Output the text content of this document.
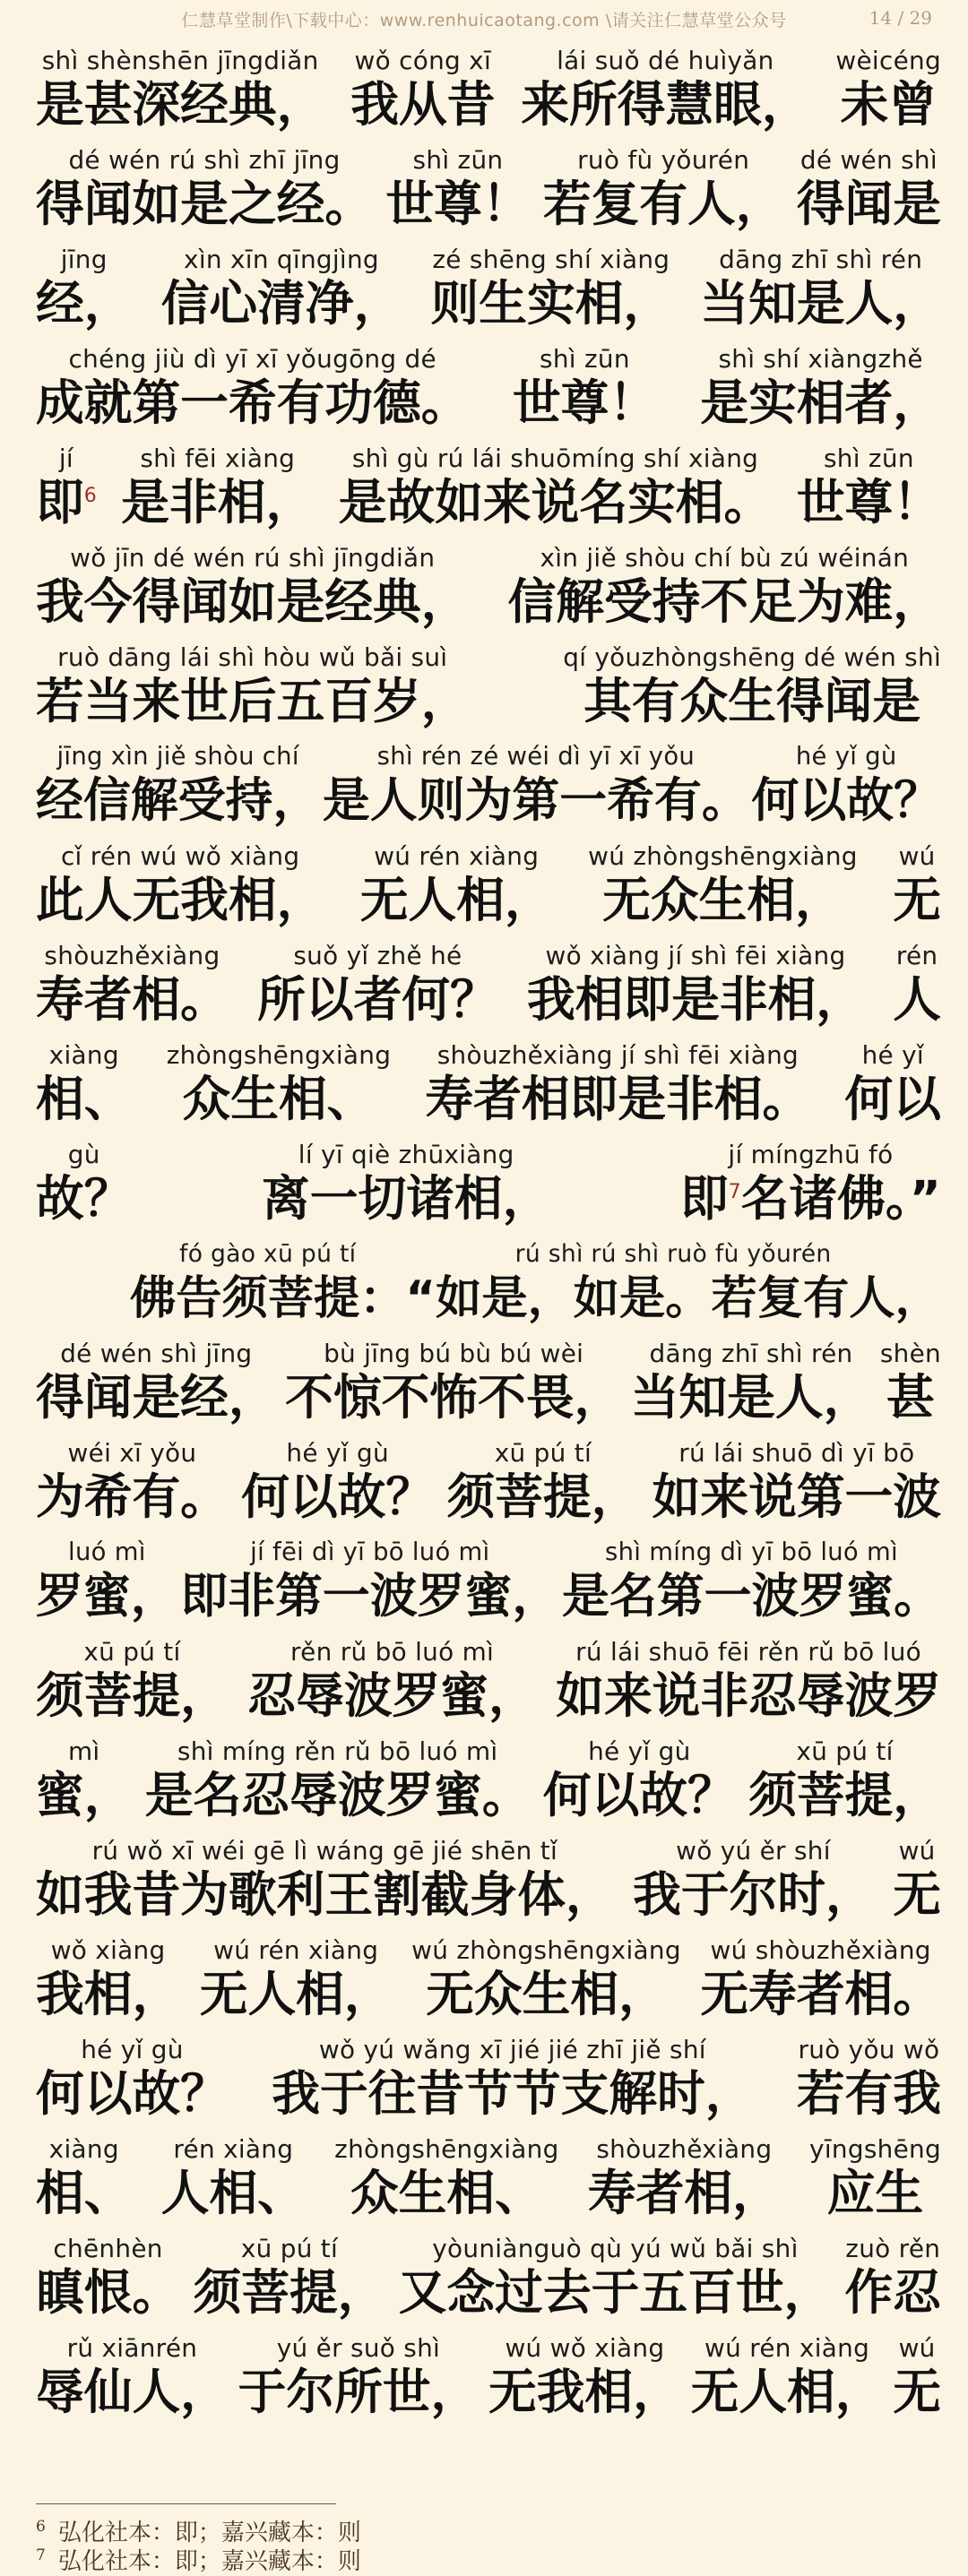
仁慧草堂制作\下载中心：www.renhuicaotang.com \请关注仁慧草堂公众号	14 / 29
shì shènshēn jīngdiǎn
是甚深经典，
wǒ cóng xī
我从昔
lái suǒ dé huìyǎn
来所得慧眼，
wèicéng
未曾
dé wén rú shì zhī jīng
得闻如是之经。
shì zūn
世尊！
ruò fù yǒurén
若复有人，
dé wén shì
得闻是
jīng
经，
xìn xīn qīngjìng
信心清净，
zé shēng shí xiàng
则生实相，
dāng zhī shì rén
当知是人，
chéng jiù dì yī xī yǒugōng dé
成就第一希有功德。
shì zūn
世尊！
shì shí xiàngzhě
是实相者，
jí
即$^6$
shì fēi xiàng
是非相，
shì gù rú lái shuōmíng shí xiàng
是故如来说名实相。
shì zūn
世尊！
wǒ jīn dé wén rú shì jīngdiǎn
我今得闻如是经典，
xìn jiě shòu chí bù zú wéinán
信解受持不足为难，
ruò dāng lái shì hòu wǔ bǎi suì
若当来世后五百岁，
qí yǒuzhòngshēng dé wén shì
其有众生得闻是
jīng xìn jiě shòu chí
经信解受持，
shì rén zé wéi dì yī xī yǒu
是人则为第一希有。
hé yǐ gù
何以故？
cǐ rén wú wǒ xiàng
此人无我相，
wú rén xiàng
无人相，
wú zhòngshēngxiàng
无众生相，
wú
无
shòuzhěxiàng
寿者相。
suǒ yǐ zhě hé
所以者何？
wǒ xiàng jí shì fēi xiàng
我相即是非相，
rén
人
xiàng
相、
zhòngshēngxiàng
众生相、
shòuzhěxiàng jí shì fēi xiàng
寿者相即是非相。
hé yǐ
何以
gù
故？
lí yī qiè zhūxiàng
离一切诸相，
jí míngzhū fó
即$^7$名诸佛。”
fó gào xū pú tí
佛告须菩提：
rú shì rú shì ruò fù yǒurén
“如是，如是。若复有人，
dé wén shì jīng
得闻是经，
bù jīng bú bù bú wèi
不惊不怖不畏，
dāng zhī shì rén
当知是人，
shèn
甚
wéi xī yǒu
为希有。
hé yǐ gù
何以故？
xū pú tí
须菩提，
rú lái shuō dì yī bō
如来说第一波
luó mì
罗蜜，
jí fēi dì yī bō luó mì
即非第一波罗蜜，
shì míng dì yī bō luó mì
是名第一波罗蜜。
xū pú tí
须菩提，
rěn rǔ bō luó mì
忍辱波罗蜜，
rú lái shuō fēi rěn rǔ bō luó
如来说非忍辱波罗
mì
蜜，
shì míng rěn rǔ bō luó mì
是名忍辱波罗蜜。
hé yǐ gù
何以故？
xū pú tí
须菩提，
rú wǒ xī wéi gē lì wáng gē jié shēn tǐ
如我昔为歌利王割截身体，
wǒ yú ěr shí
我于尔时，
wú
无
wǒ xiàng
我相，
wú rén xiàng
无人相，
wú zhòngshēngxiàng
无众生相，
wú shòuzhěxiàng
无寿者相。
hé yǐ gù
何以故？
wǒ yú wǎng xī jié jié zhī jiě shí
我于往昔节节支解时，
ruò yǒu wǒ
若有我
xiàng
相、
rén xiàng
人相、
zhòngshēngxiàng
众生相、
shòuzhěxiàng
寿者相，
yīngshēng
应生
chēnhèn
瞋恨。
xū pú tí
须菩提，
yòuniànguò qù yú wǔ bǎi shì
又念过去于五百世，
zuò rěn
作忍
rǔ xiānrén
辱仙人，
yú ěr suǒ shì
于尔所世，
wú wǒ xiàng
无我相，
wú rén xiàng
无人相，
wú
无
$^6$ 弘化社本：即；嘉兴藏本：则
$^7$ 弘化社本：即；嘉兴藏本：则
